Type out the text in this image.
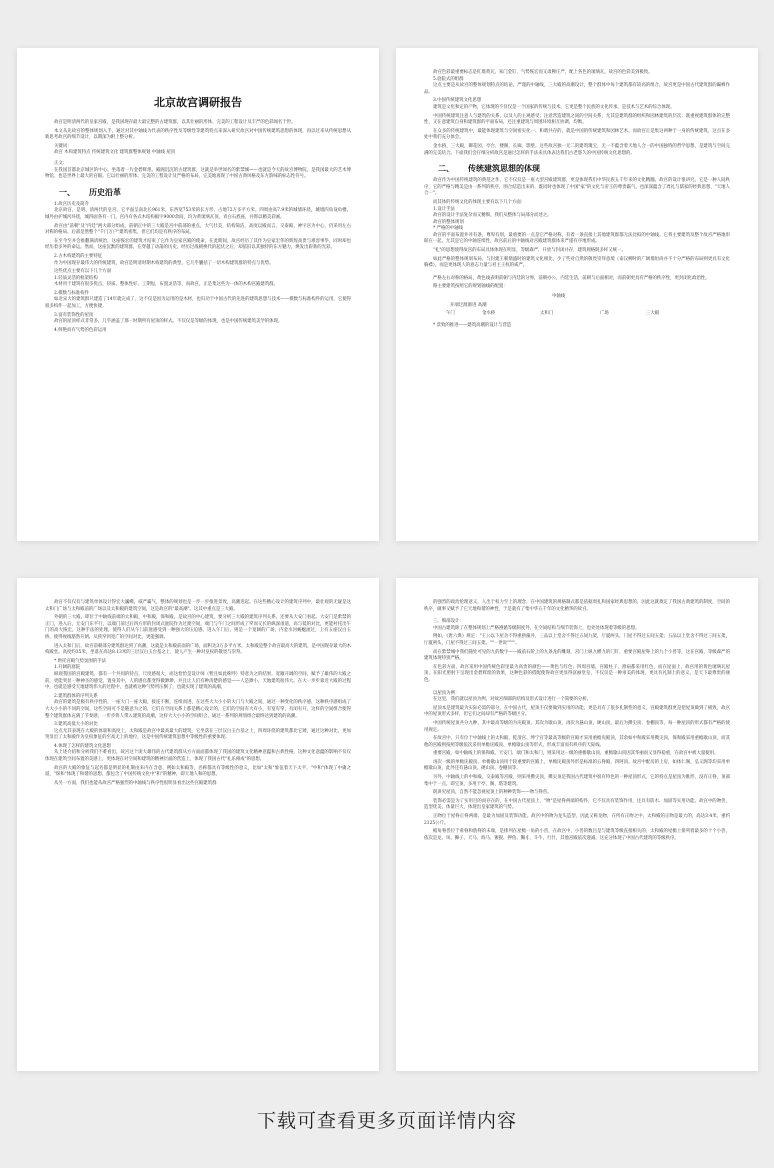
北京故宫调研报告

故宫是明清两代的皇家宫殿，是我国现存最大最完整的古建筑群，以其壮丽的形体、完美的工程设计及丰严的色彩闻名于世。

本文从先故宫的整体规划入手，通过对其中轴线为代表的秩序性及等级性等建筑特点来深入研究故宫对中国传统建筑思想的体现，再以过来从传统思想从新思考故宫的细节设计，以期深为附上整分析。

关键词：

故宫 木构建筑特点 传统建筑文化 建筑群整体规划 中轴线 屋顶

正文：

在我国首都北京城区的中心，坐落着一片金碧辉煌、殿阁沉沉的古建筑群，这就是举世闻名的紫禁城——也就是今天的故宫博物院。是我国最大的艺术博物馆，也是世界上最大的宫殿。它以壮丽的形体、完美的工程设计及严格的布局，完美地再现了中国古典风格及东方韵味的标志性符号。

一、 历史沿革

1.故宫历史及简介

北京故宫，是明、清两代的皇宫，它平面呈南北长961米，东西宽753米的长方形，占地72万多平方米。四周由高7.9米的城墙环绕，城墙四角设角楼。城外由护城河环绕，城四面各有一门。宫内有各式木结构殿宇9000余间，均为黄琉璃瓦顶，青白石底座，并饰以精美彩画。

故宫由"前朝"及"内廷"两大部分组成，前朝正中的三大殿是宫中前部的重点，大气壮美，结构简洁，高度以殿而言，交泰殿、神宇宫为中心，仍采用左右对称的格局。后部是然整个"千门万户"建筑密集，但它们均是有秩序的布局。

在至今至并会推翻满清统治，这座恢宏的建筑才结束了它作为皇家宫殿的使命，在此期间，故宫经历了其作为皇家宏伟的辉煌高贵与难容事华，同时却也经历着多舛的命运。然而，这座沉默的建筑群，在穿越了动荡的历史，经历过战朝换代的起伏之后，却依旧以其独特的东方魅力，焕发出崭新的光彩。

2.古木构建筑的主要特征

作为中国现存最伟大的传统建筑，故宫是明清时期木构建筑的典型，它几乎囊括了一切木构建筑群的特点与优势。

这些优点主要有以下几个方面

1.轻质灵活的框架结构

木材用于建筑有很多优点，轻质、整体性好、工期短，布置灵活等，而故宫，正是集这些为一体的木构宫殿建筑群。

2.模数与标准构件

如北宋大的建筑群只建造了14年就完成了，这不仅是因为运用的是木材，也归功于中国古代的先进的建筑思想与技术——模数与标准构件的运用，它使得很多构件一起加工，方便快捷。

3.富有装饰性的屋顶

故宫的屋顶样式非常多，几乎涵盖了那一时期所有屋顶的样式。不仅仅是等级的体现，也是中国传统建筑美学的体现。

4.鲜艳而有气势的色彩运用

故宫色彩最重要标志是红墙黄瓦，朱门金钉，气势恢宏而又肃穆庄严，配上各色的琉璃瓦，故宫的色彩美到极致。

5.庭院式的组群

这点主要是从故宫的整体规划特点的结论。严谨的中轴线，三大殿的高潮设计，整个群体中每个建筑都有较高的组合，故宫更是中国古代建筑群的巅峰作品。

3.中国传统建筑文化思想

建筑是文化和定的产物，它体现的不仅仅是一个国家的传统与技术，它更是整个民族的文化传承，是技术与艺术的综合体现。

中国传统建筑注意人与建筑的关系，以及人的主观感受；注意营造建筑之间的空间关系，尤其是建筑群的组织和园林建筑的层次；既重视建筑群体的完整性，又在意建筑自身和建筑群的平面布局，还注重建筑与周围环境相互协调，均衡。

在众多的传统建筑中，最能体现建筑与空间密实化一、和谐共存的，就是中国的传统建筑和园林艺术。而故宫正是集这两种于一身的传统建筑，这点在多处中我们充分体会。

金水桥，三大殿，御花园，亭台，楼阁，长廊，影壁。这些故宫独一无二的建筑瑰宝，无一不蕴含着天地人合一的中国独特的哲学思想，是建筑与空间完满的完美结合。下面我们会仔细分析故宫是通过怎样的手法来具体表达我们古老悠久的中国传统文化思想的。

二、 传统建筑思想的体现

故宫作为中国传统建筑的典范之作，它不仅仅是一座大型宫殿建筑群，更是体现我们中华民族五千年来的文化精髓。故宫的设计很讲究，它是一种人间秩序，它的严格与精美是由一系列的秩序，围合结造出来的，既同时也体现了中国"家"的文化与帝王的尊贵霸气，也深深蕴含了周礼与儒家的经典思想，"天地人合一"。

而其体的传统文化的体现主要有以下几个方面：

1.设计手法

故宫的设计手法复杂而又精细，我们从整体与局部分而述之。

故宫的整体规划

* 严格的中轴线

故宫的平面布置井井有条，尊卑有别，最重要的一点是它严格对称，有着一条直接上其他建筑群都无法比拟的中轴线。它将主要建筑及整个故宫严格地串联在一起，尤其是它的中轴连续性，故宫前后的中轴线对宫殿建筑群体来严谨有序地形成。

"礼"的思想使得故宫的布局具体体现在明显，等级森严，开放与封闭并存，建筑规格既多样又统一。

如此严格的整体规划布局，与封建王朝鼎盛时的建筑文化相比，少了些对自然的敬畏崇拜意境（泰汉柳时的广阔墙垣尚并不十分严格的布局则更具有文化胸襟），而是更体现人的意志力量与君主王权的威严。

严格左右对称的格局，黄色线表明前朝与内廷的分界，前朝办公，内廷生活，前朝与后面相对，而前朝更具有严格的秩序性，更封闭化政治性。

路主要建筑按照它的规划轴线的配置：

中轴线
开端过渡渐进 高潮
午门	金水桥	太和门	广场	三大殿

* 景致的推进——建筑高潮的设计与营造

故宫不仅仅有与建筑单体设计得宏大巍峨，威严霸气，整体的规划也是一步一步推进景致，高潮迭起。在这些精心设计的建筑序列中，最壮观的无疑是这太和门广场与太和殿前的广场以及太和殿的建筑空间，这是故宫的"最高潮"。这其中重点是三大殿。

外朝的三大殿，即位于中轴线前端的太和殿，中和殿，保和殿，是故宫的中心建筑，要分析三大殿的建筑序列关系，还要从大安门看起。大安门是紫禁的正门，进入后，无安门东平行，以端门前过后四方形的封闭式庭院作为过渡空间，端门与午门之间形成了窄而又长的纵深甬道，高与低的对比，更能衬托出午门的高大恢宏，这种手法的处理，使得人们从午门前庭感受到一种强大的压迫感。进入午门后，则是一个宽阔的广场，内金水河蜿蜒流过，上有五座汉白玉桥，使得视线豁然开朗，从狭窄到宽广的空间对比，更能强调。

进入太和门后，故宫前朝部分建筑群达到了高潮，这就是太和殿前面的广场，面积达3万多平方米，太和殿是整个故宫最高大的建筑，是中国现存最大的木构殿堂。高度约35米，坐落在高达8.13米的三层汉白玉台基之上，使人产生一种对皇权的敬畏与崇拜。

* 烘托宫殿气势氛围的手法

1.开阔的庭院

纵观我国的宫殿建筑，都有一个共同的特点，尺度感很大，而这恰恰是设计师（暂且如此称呼）特意为之的结果。宽敞开阔的空间，赋予了雄伟的大殿之前，更能突显一种神圣的感觉，置身其中，人的感官都变得微渺渺，并且让人们有种清楚的感觉——人是渺小，天地建筑很伟大。在大一步步靠近大殿的过程中，也就是感受天地建筑伟大的过程中，也就被这种气势所压倒了，也就实现了建筑的高潮。

2.建筑群体的序列关系

故宫的建筑是极有秩序性的，一座大门一座大殿，接连不断，连续而进，在这些大大小小的大门与大殿之间，通过一种变化的秩序感，这种秩序感组成了大大小小的不同的空间，这些空间可不是随意为之的，它们在空间关系上都是精心设计的，它们的空间有大有小，有宽有窄，有闭有开，这样的空间组合使得整个建筑群体充满了节奏感，一步步将人带入建筑的高潮，这样大大小小的空间组合，通过一系列的规划组合最终达到建筑的高潮。

3.建筑高低大小的对比

这点尤其表现在大殿的体量和高度上，太和殿是故宫中最高最大的建筑，它坐落在三层汉白玉台基之上，四周环绕的建筑都比它矮，通过这种对比，更加突显出了太和殿作为皇权象征的至高无上的地位，这是中国传统建筑思想中等级性的重要体现。

4.体现了怎样的建筑文化思想

从上述介绍和分析我们不难看出，故宫这个庞大雄伟的古代建筑群从方方面面都体现了我国的建筑文化精神意蕴和古典性格，这种文化意蕴的影响不仅仅体现在建筑空间布置的美感上，更体现在对空间和建筑的精神层面的营造上，体现了我国古代"礼乐相成"的思想。

故宫的大殿的象征与起名都是明显的礼制由来内在含意，例如太和殿等，名称都具有等级性的意义，比如"太和"象征着天下太平，"中和"体现了中庸之道，"保和"体现了和谐的思想，都包含了中国传统文化中"和"的精神，即天地人和的思想。

从另一方面，我们也能从故宫严格强烈的中轴线与秩序性很明显看出这些宫殿建筑群

的强烈的政治伦理意义，人出于权力至上的理念，在中国建筑的规格制式都是依据周礼和国家经典思想的，因此这就奠定了我国古典建筑的制度，空间的秩序，做事又赋予了它天地和谐的神性，于是就有了集中华五千年的文化精华的故宫。

三、细部设计：

中国古建筑除了在整体规划上严格遵循等级制度外，在空间结构与细节装饰上，也处处体现着等级的思想。

例如，《唐六典》规定："王公以下屋舍不得重拱藻井，三品以上堂舍不得过五间九架，厅厦两头，门屋不得过五间五架；五品以上堂舍不得过三间五架，厅厦两头，门屋不得过三间五架。""一世说""""。

而在紫禁城中我们随处可见的九的数字——殿前石阶上的九条龙的雕刻，宫门上纵九横九的门钉，重要宫殿屋脊上的九个小兽等，这在宫殿、等级森严的建筑体现特别严格。

在色彩方面，故宫采用中国传统色彩里最为高贵的颜色——黄色与红色，四周宫墙，宫殿柱子，窗扇都采用红色，而在屋面上，故宫用的黄色琉璃瓦屋顶，在阳光照射下呈现出金碧辉煌的效果，这种色彩的搭配使得故宫更显得富丽堂皇，不仅仅是一种审美的体现，更具有礼制上的意义，是天下最尊贵的颜色。

以屋顶为例：

在这里，我们就以屋顶为例，对故宫细部的结构及形式设计进行一个简要的分析。

屋顶本是建筑最为实际必需的部分，在中国古代，屋顶不仅要做到实用的功能，更是具有了很多礼制性的意义，宫殿建筑群更是把屋顶做到了极致，故宫中的屋顶形式多样，但它们之间却有严格的等级区分。

中国传统屋顶共分九种，其中最高等级的为庑殿顶，其次为歇山顶，再次为悬山顶、硬山顶，最后为攒尖顶、卷棚顶等，每一种屋顶的形式都有严格的使用规定。

在故宫中，只有位于中轴线上的太和殿、乾清宫、坤宁宫等最高等级的宫殿才采用重檐庑殿顶，其余如中和殿采用攒尖顶，保和殿采用重檐歇山顶，而其他的宫殿则按照等级依次采用单檐庑殿顶、单檐歇山顶等形式，形成丰富而有秩序的天际线。

重要宫殿，如中轴线上的保和殿、天安门、端门和太和门，则采用这一级的重檐歇山顶，重檐歇山顶因其华丽而又显得稳重，在故宫中被大量使用。

再次一级的单檐庑殿顶、单檐歇山顶用于较重要的宫殿上，单檐庑殿顶外形是标准的五脊殿，四阿顶。故宫中配房的上房，如体仁阁、弘义阁等均采用单檐歇山顶，此外还有悬山顶、硬山顶、卷棚顶等。

另外，中轴线上的中和殿，交泰殿等宫殿，则采用攒尖顶，攒尖顶是我国古代建筑中很有特色的一种屋顶形式，它的特点是屋顶为锥形，没有正脊，顶部集中于一点，即宝顶，多用于亭、阁、塔等建筑。

既讲究屋顶，自然不能忽视屋顶上的种种装饰——吻与脊兽。

装饰必需是为了实用目的而存在的，在中国古代屋顶上，"吻"是屋脊两端的构件，它不仅具有装饰作用，还具有防水、加固等实用功能。故宫中的吻兽，造型优美，体量巨大，体现出皇家建筑的气势。

正吻位于屋脊正脊两端，是最为加固及装饰功能。故宫中的吻为龙头造型，因此又称龙吻，在所有正吻之中，太和殿的正吻是最大的，高达3.4米，重约2125公斤。

檐角脊兽位于垂脊和戗脊的末端，是排列在屋檐一角的小兽，在故宫中，小兽的数目是与建筑等级直接相关的，太和殿的屋檐上排列着最多的十个小兽，依次是龙、凤、狮子、天马、海马、狻猊、押鱼、獬豸、斗牛、行什，其他宫殿依次递减，这充分体现了中国古代建筑的等级秩序。

下载可查看更多页面详情内容
